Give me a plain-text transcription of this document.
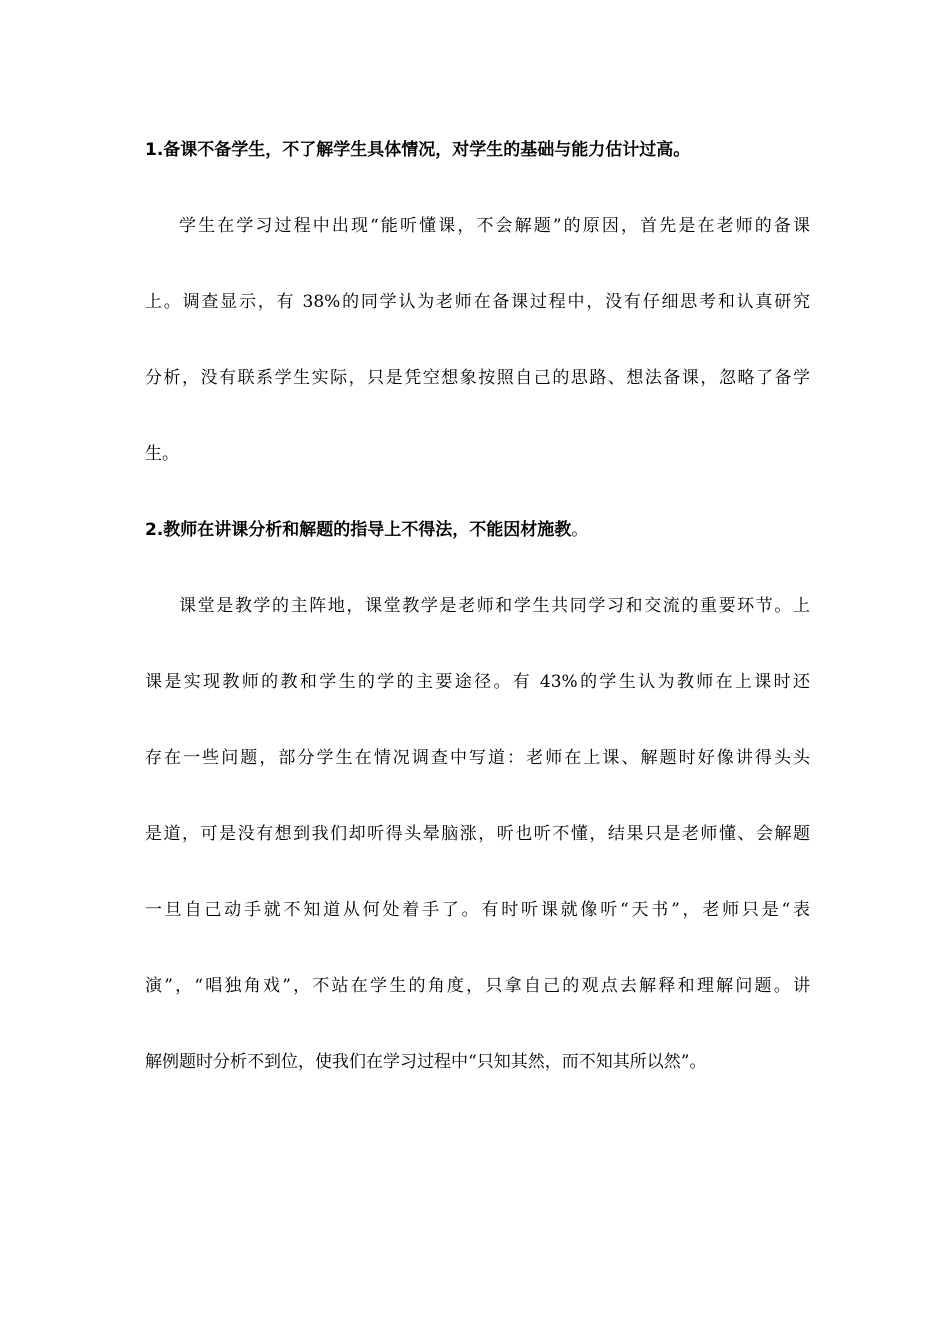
1.备课不备学生，不了解学生具体情况，对学生的基础与能力估计过高。
学生在学习过程中出现“能听懂课，不会解题”的原因，首先是在老师的备课
上。调查显示，有 38%的同学认为老师在备课过程中，没有仔细思考和认真研究
分析，没有联系学生实际，只是凭空想象按照自己的思路、想法备课，忽略了备学
生。
2.教师在讲课分析和解题的指导上不得法，不能因材施教。
课堂是教学的主阵地，课堂教学是老师和学生共同学习和交流的重要环节。上
课是实现教师的教和学生的学的主要途径。有 43%的学生认为教师在上课时还
存在一些问题，部分学生在情况调查中写道：老师在上课、解题时好像讲得头头
是道，可是没有想到我们却听得头晕脑涨，听也听不懂，结果只是老师懂、会解题
一旦自己动手就不知道从何处着手了。有时听课就像听“天书”，老师只是“表
演”，“唱独角戏”，不站在学生的角度，只拿自己的观点去解释和理解问题。讲
解例题时分析不到位，使我们在学习过程中“只知其然，而不知其所以然”。
